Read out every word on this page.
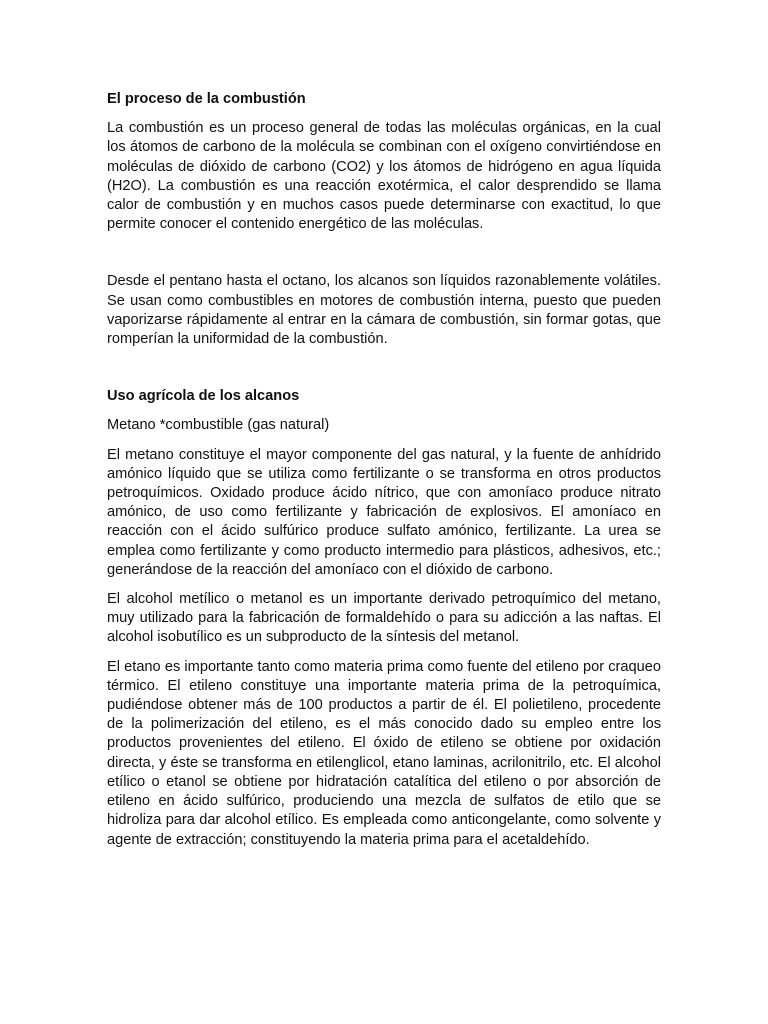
El proceso de la combustión

La combustión es un proceso general de todas las moléculas orgánicas, en la cual los átomos de carbono de la molécula se combinan con el oxígeno convirtiéndose en moléculas de dióxido de carbono (CO2) y los átomos de hidrógeno en agua líquida (H2O). La combustión es una reacción exotérmica, el calor desprendido se llama calor de combustión y en muchos casos puede determinarse con exactitud, lo que permite conocer el contenido energético de las moléculas.

Desde el pentano hasta el octano, los alcanos son líquidos razonablemente volátiles. Se usan como combustibles en motores de combustión interna, puesto que pueden vaporizarse rápidamente al entrar en la cámara de combustión, sin formar gotas, que romperían la uniformidad de la combustión.

Uso agrícola de los alcanos

Metano *combustible (gas natural)

El metano constituye el mayor componente del gas natural, y la fuente de anhídrido amónico líquido que se utiliza como fertilizante o se transforma en otros productos petroquímicos. Oxidado produce ácido nítrico, que con amoníaco produce nitrato amónico, de uso como fertilizante y fabricación de explosivos. El amoníaco en reacción con el ácido sulfúrico produce sulfato amónico, fertilizante. La urea se emplea como fertilizante y como producto intermedio para plásticos, adhesivos, etc.; generándose de la reacción del amoníaco con el dióxido de carbono.

El alcohol metílico o metanol es un importante derivado petroquímico del metano, muy utilizado para la fabricación de formaldehído o para su adicción a las naftas. El alcohol isobutílico es un subproducto de la síntesis del metanol.

El etano es importante tanto como materia prima como fuente del etileno por craqueo térmico. El etileno constituye una importante materia prima de la petroquímica, pudiéndose obtener más de 100 productos a partir de él. El polietileno, procedente de la polimerización del etileno, es el más conocido dado su empleo entre los productos provenientes del etileno. El óxido de etileno se obtiene por oxidación directa, y éste se transforma en etilenglicol, etano laminas, acrilonitrilo, etc. El alcohol etílico o etanol se obtiene por hidratación catalítica del etileno o por absorción de etileno en ácido sulfúrico, produciendo una mezcla de sulfatos de etilo que se hidroliza para dar alcohol etílico. Es empleada como anticongelante, como solvente y agente de extracción; constituyendo la materia prima para el acetaldehído.
